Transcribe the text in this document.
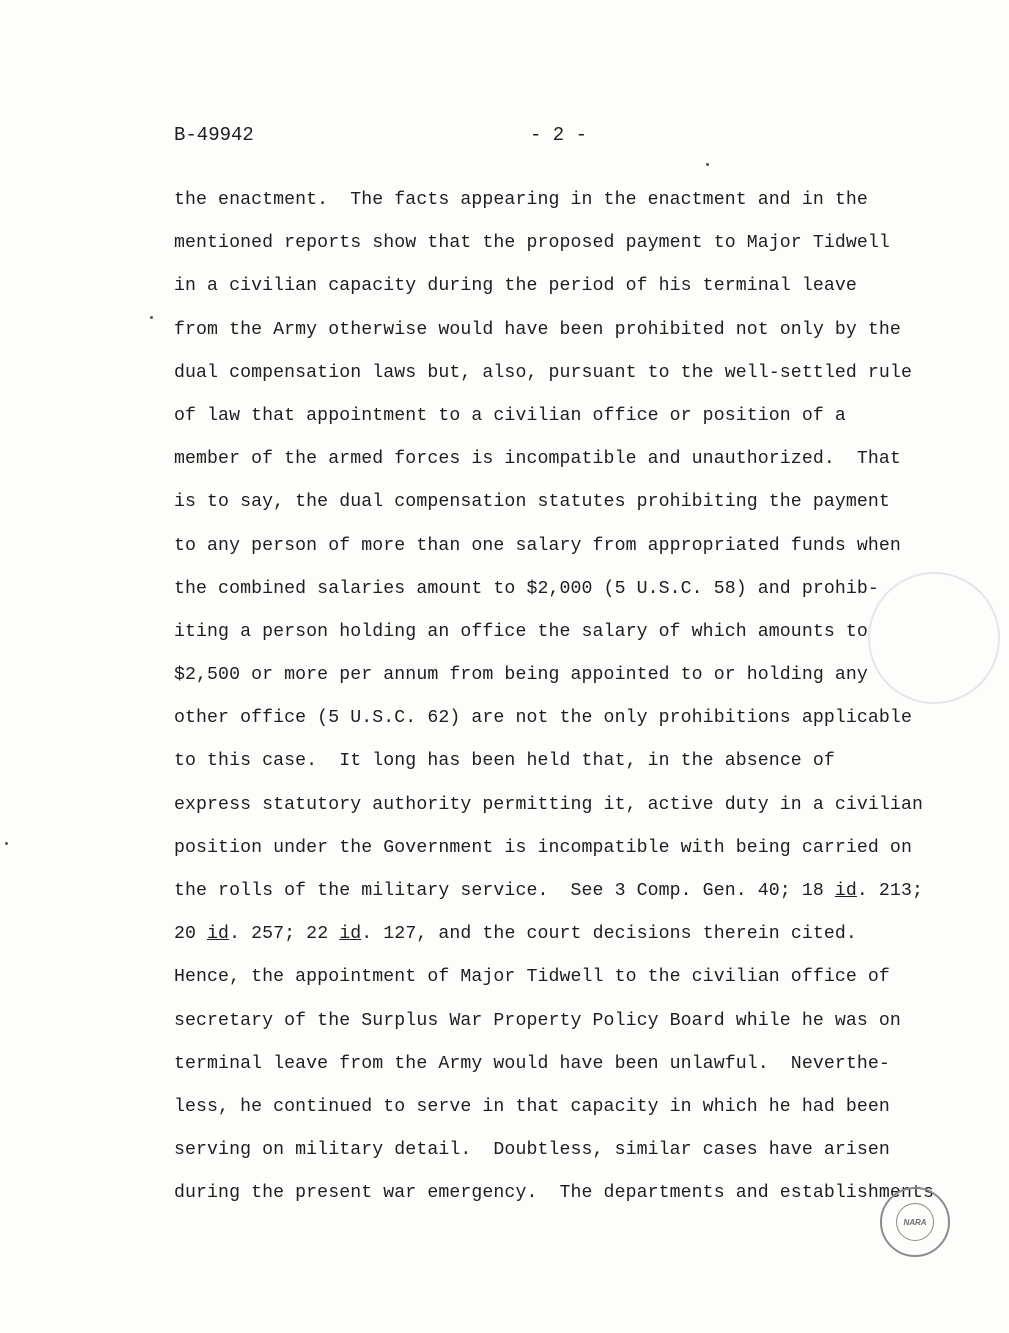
B-49942	- 2 -
the enactment.  The facts appearing in the enactment and in the
mentioned reports show that the proposed payment to Major Tidwell
in a civilian capacity during the period of his terminal leave
from the Army otherwise would have been prohibited not only by the
dual compensation laws but, also, pursuant to the well-settled rule
of law that appointment to a civilian office or position of a
member of the armed forces is incompatible and unauthorized.  That
is to say, the dual compensation statutes prohibiting the payment
to any person of more than one salary from appropriated funds when
the combined salaries amount to $2,000 (5 U.S.C. 58) and prohib-
iting a person holding an office the salary of which amounts to
$2,500 or more per annum from being appointed to or holding any
other office (5 U.S.C. 62) are not the only prohibitions applicable
to this case.  It long has been held that, in the absence of
express statutory authority permitting it, active duty in a civilian
position under the Government is incompatible with being carried on
the rolls of the military service.  See 3 Comp. Gen. 40; 18 id. 213;
20 id. 257; 22 id. 127, and the court decisions therein cited.
Hence, the appointment of Major Tidwell to the civilian office of
secretary of the Surplus War Property Policy Board while he was on
terminal leave from the Army would have been unlawful.  Neverthe-
less, he continued to serve in that capacity in which he had been
serving on military detail.  Doubtless, similar cases have arisen
during the present war emergency.  The departments and establishments
NARA
